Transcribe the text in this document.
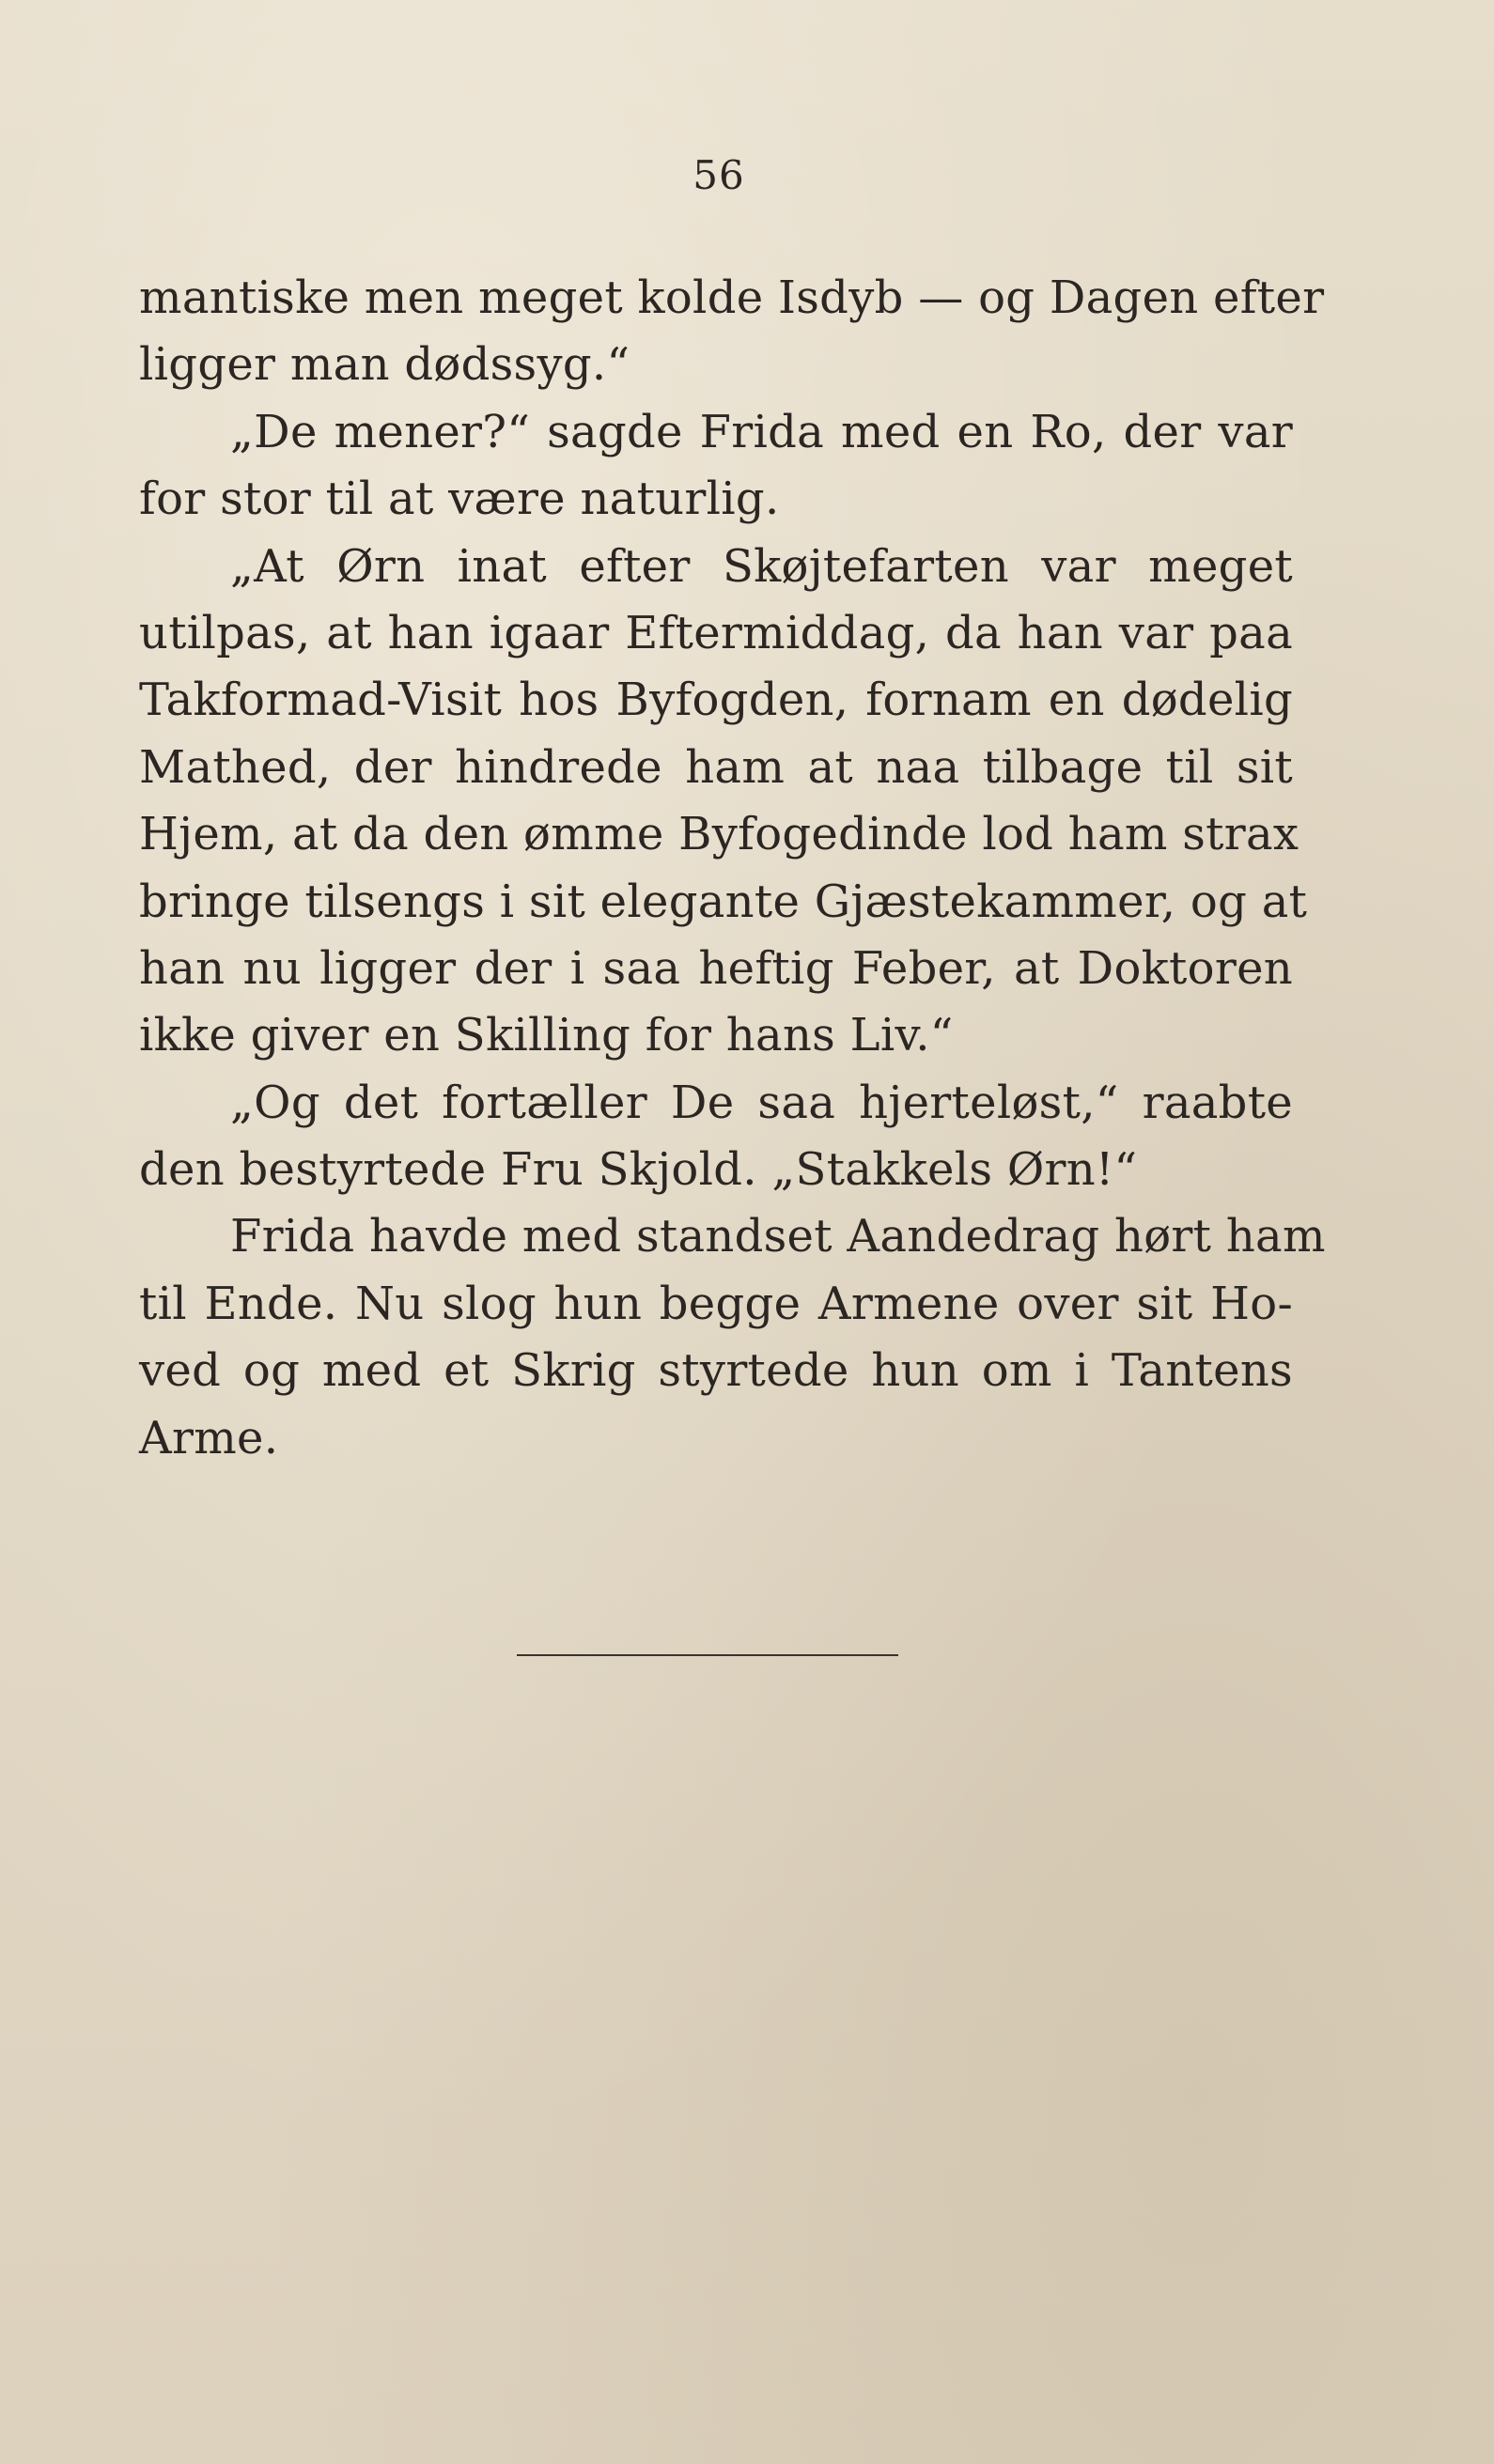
56
mantiske men meget kolde Isdyb — og Dagen efter
ligger man dødssyg.“
„De mener?“ sagde Frida med en Ro, der var
for stor til at være naturlig.
„At Ørn inat efter Skøjtefarten var meget
utilpas, at han igaar Eftermiddag, da han var paa
Takformad-Visit hos Byfogden, fornam en dødelig
Mathed, der hindrede ham at naa tilbage til sit
Hjem, at da den ømme Byfogedinde lod ham strax
bringe tilsengs i sit elegante Gjæstekammer, og at
han nu ligger der i saa heftig Feber, at Doktoren
ikke giver en Skilling for hans Liv.“
„Og det fortæller De saa hjerteløst,“ raabte
den bestyrtede Fru Skjold. „Stakkels Ørn!“
Frida havde med standset Aandedrag hørt ham
til Ende. Nu slog hun begge Armene over sit Ho-
ved og med et Skrig styrtede hun om i Tantens
Arme.
